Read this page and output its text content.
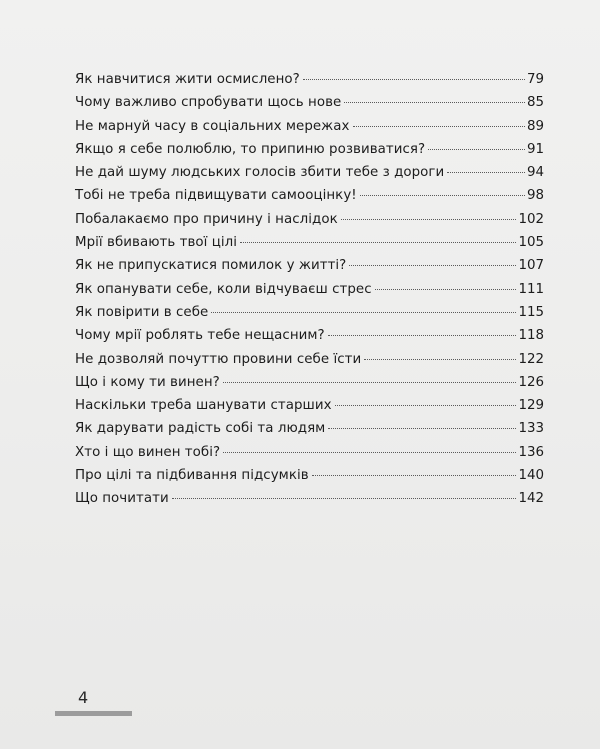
Як навчитися жити осмислено?	79
Чому важливо спробувати щось нове	85
Не марнуй часу в соціальних мережах	89
Якщо я себе полюблю, то припиню розвиватися?	91
Не дай шуму людських голосів збити тебе з дороги	94
Тобі не треба підвищувати самооцінку!	98
Побалакаємо про причину і наслідок	102
Мрії вбивають твої цілі	105
Як не припускатися помилок у житті?	107
Як опанувати себе, коли відчуваєш стрес	111
Як повірити в себе	115
Чому мрії роблять тебе нещасним?	118
Не дозволяй почуттю провини себе їсти	122
Що і кому ти винен?	126
Наскільки треба шанувати старших	129
Як дарувати радість собі та людям	133
Хто і що винен тобі?	136
Про цілі та підбивання підсумків	140
Що почитати	142
4
